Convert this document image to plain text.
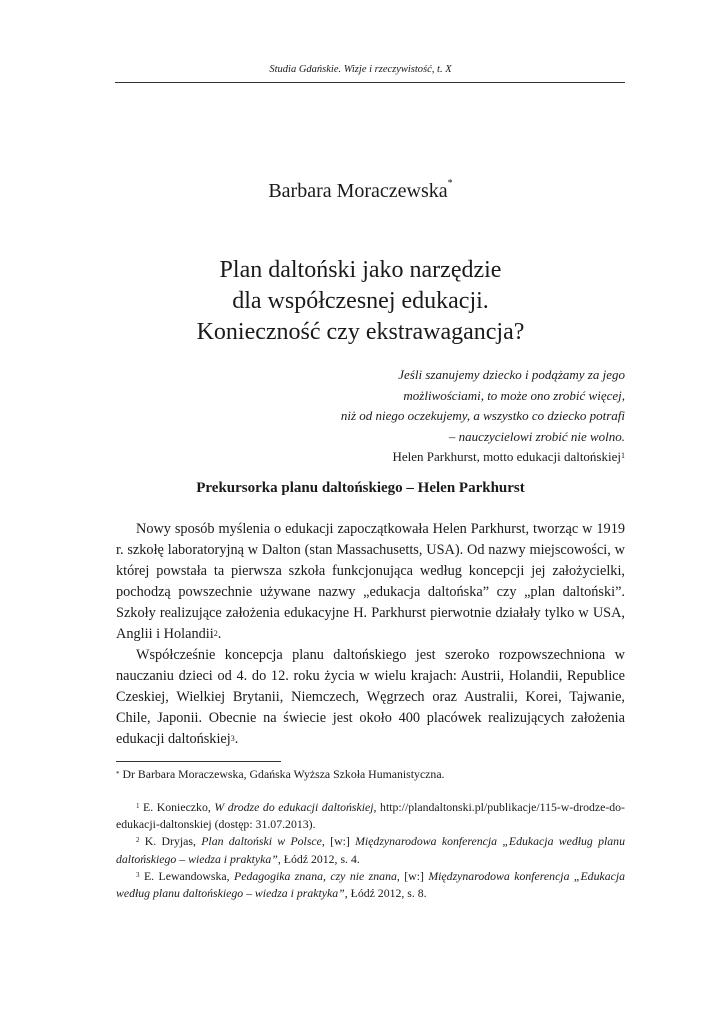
Studia Gdańskie. Wizje i rzeczywistość, t. X
Barbara Moraczewska*
Plan daltoński jako narzędzie
dla współczesnej edukacji.
Konieczność czy ekstrawagancja?
Jeśli szanujemy dziecko i podążamy za jego
możliwościami, to może ono zrobić więcej,
niż od niego oczekujemy, a wszystko co dziecko potrafi
– nauczycielowi zrobić nie wolno.
Helen Parkhurst, motto edukacji daltońskiej$^1$
Prekursorka planu daltońskiego – Helen Parkhurst

Nowy sposób myślenia o edukacji zapoczątkowała Helen Parkhurst, tworząc w 1919 r. szkołę laboratoryjną w Dalton (stan Massachusetts, USA). Od nazwy miejscowości, w której powstała ta pierwsza szkoła funkcjonująca według koncepcji jej założycielki, pochodzą powszechnie używane nazwy „edukacja daltońska” czy „plan daltoński”. Szkoły realizujące założenia edukacyjne H. Parkhurst pierwotnie działały tylko w USA, Anglii i Holandii$^2$.

Współcześnie koncepcja planu daltońskiego jest szeroko rozpowszechniona w nauczaniu dzieci od 4. do 12. roku życia w wielu krajach: Austrii, Holandii, Republice Czeskiej, Wielkiej Brytanii, Niemczech, Węgrzech oraz Australii, Korei, Tajwanie, Chile, Japonii. Obecnie na świecie jest około 400 placówek realizujących założenia edukacji daltońskiej$^3$.

* Dr Barbara Moraczewska, Gdańska Wyższa Szkoła Humanistyczna.

$^1$ E. Konieczko, W drodze do edukacji daltońskiej, http://plandaltonski.pl/publikacje/115-w-drodze-do-edukacji-daltonskiej (dostęp: 31.07.2013).

$^2$ K. Dryjas, Plan daltoński w Polsce, [w:] Międzynarodowa konferencja „Edukacja według planu daltońskiego – wiedza i praktyka”, Łódź 2012, s. 4.

$^3$ E. Lewandowska, Pedagogika znana, czy nie znana, [w:] Międzynarodowa konferencja „Edukacja według planu daltońskiego – wiedza i praktyka”, Łódź 2012, s. 8.
